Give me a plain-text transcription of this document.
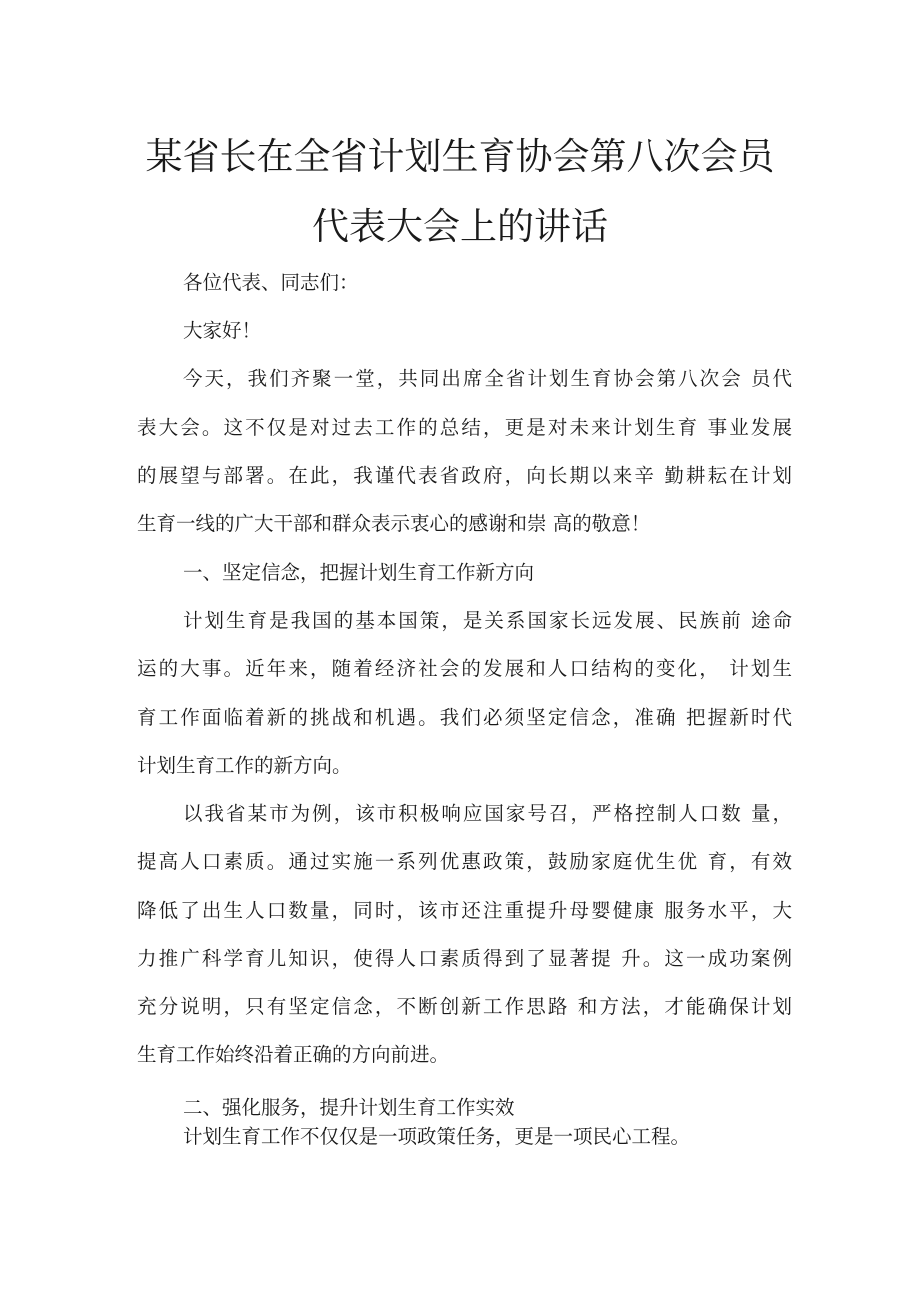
某省长在全省计划生育协会第八次会员
代表大会上的讲话

各位代表、同志们：

大家好！

今天，我们齐聚一堂，共同出席全省计划生育协会第八次会 员代

表大会。这不仅是对过去工作的总结，更是对未来计划生育 事业发展

的展望与部署。在此，我谨代表省政府，向长期以来辛 勤耕耘在计划

生育一线的广大干部和群众表示衷心的感谢和崇 高的敬意！

一、坚定信念，把握计划生育工作新方向

计划生育是我国的基本国策，是关系国家长远发展、民族前 途命

运的大事。近年来，随着经济社会的发展和人口结构的变化， 计划生

育工作面临着新的挑战和机遇。我们必须坚定信念，准确 把握新时代

计划生育工作的新方向。

以我省某市为例，该市积极响应国家号召，严格控制人口数 量，

提高人口素质。通过实施一系列优惠政策，鼓励家庭优生优 育，有效

降低了出生人口数量，同时，该市还注重提升母婴健康 服务水平，大

力推广科学育儿知识，使得人口素质得到了显著提 升。这一成功案例

充分说明，只有坚定信念，不断创新工作思路 和方法，才能确保计划

生育工作始终沿着正确的方向前进。

二、强化服务，提升计划生育工作实效

计划生育工作不仅仅是一项政策任务，更是一项民心工程。
